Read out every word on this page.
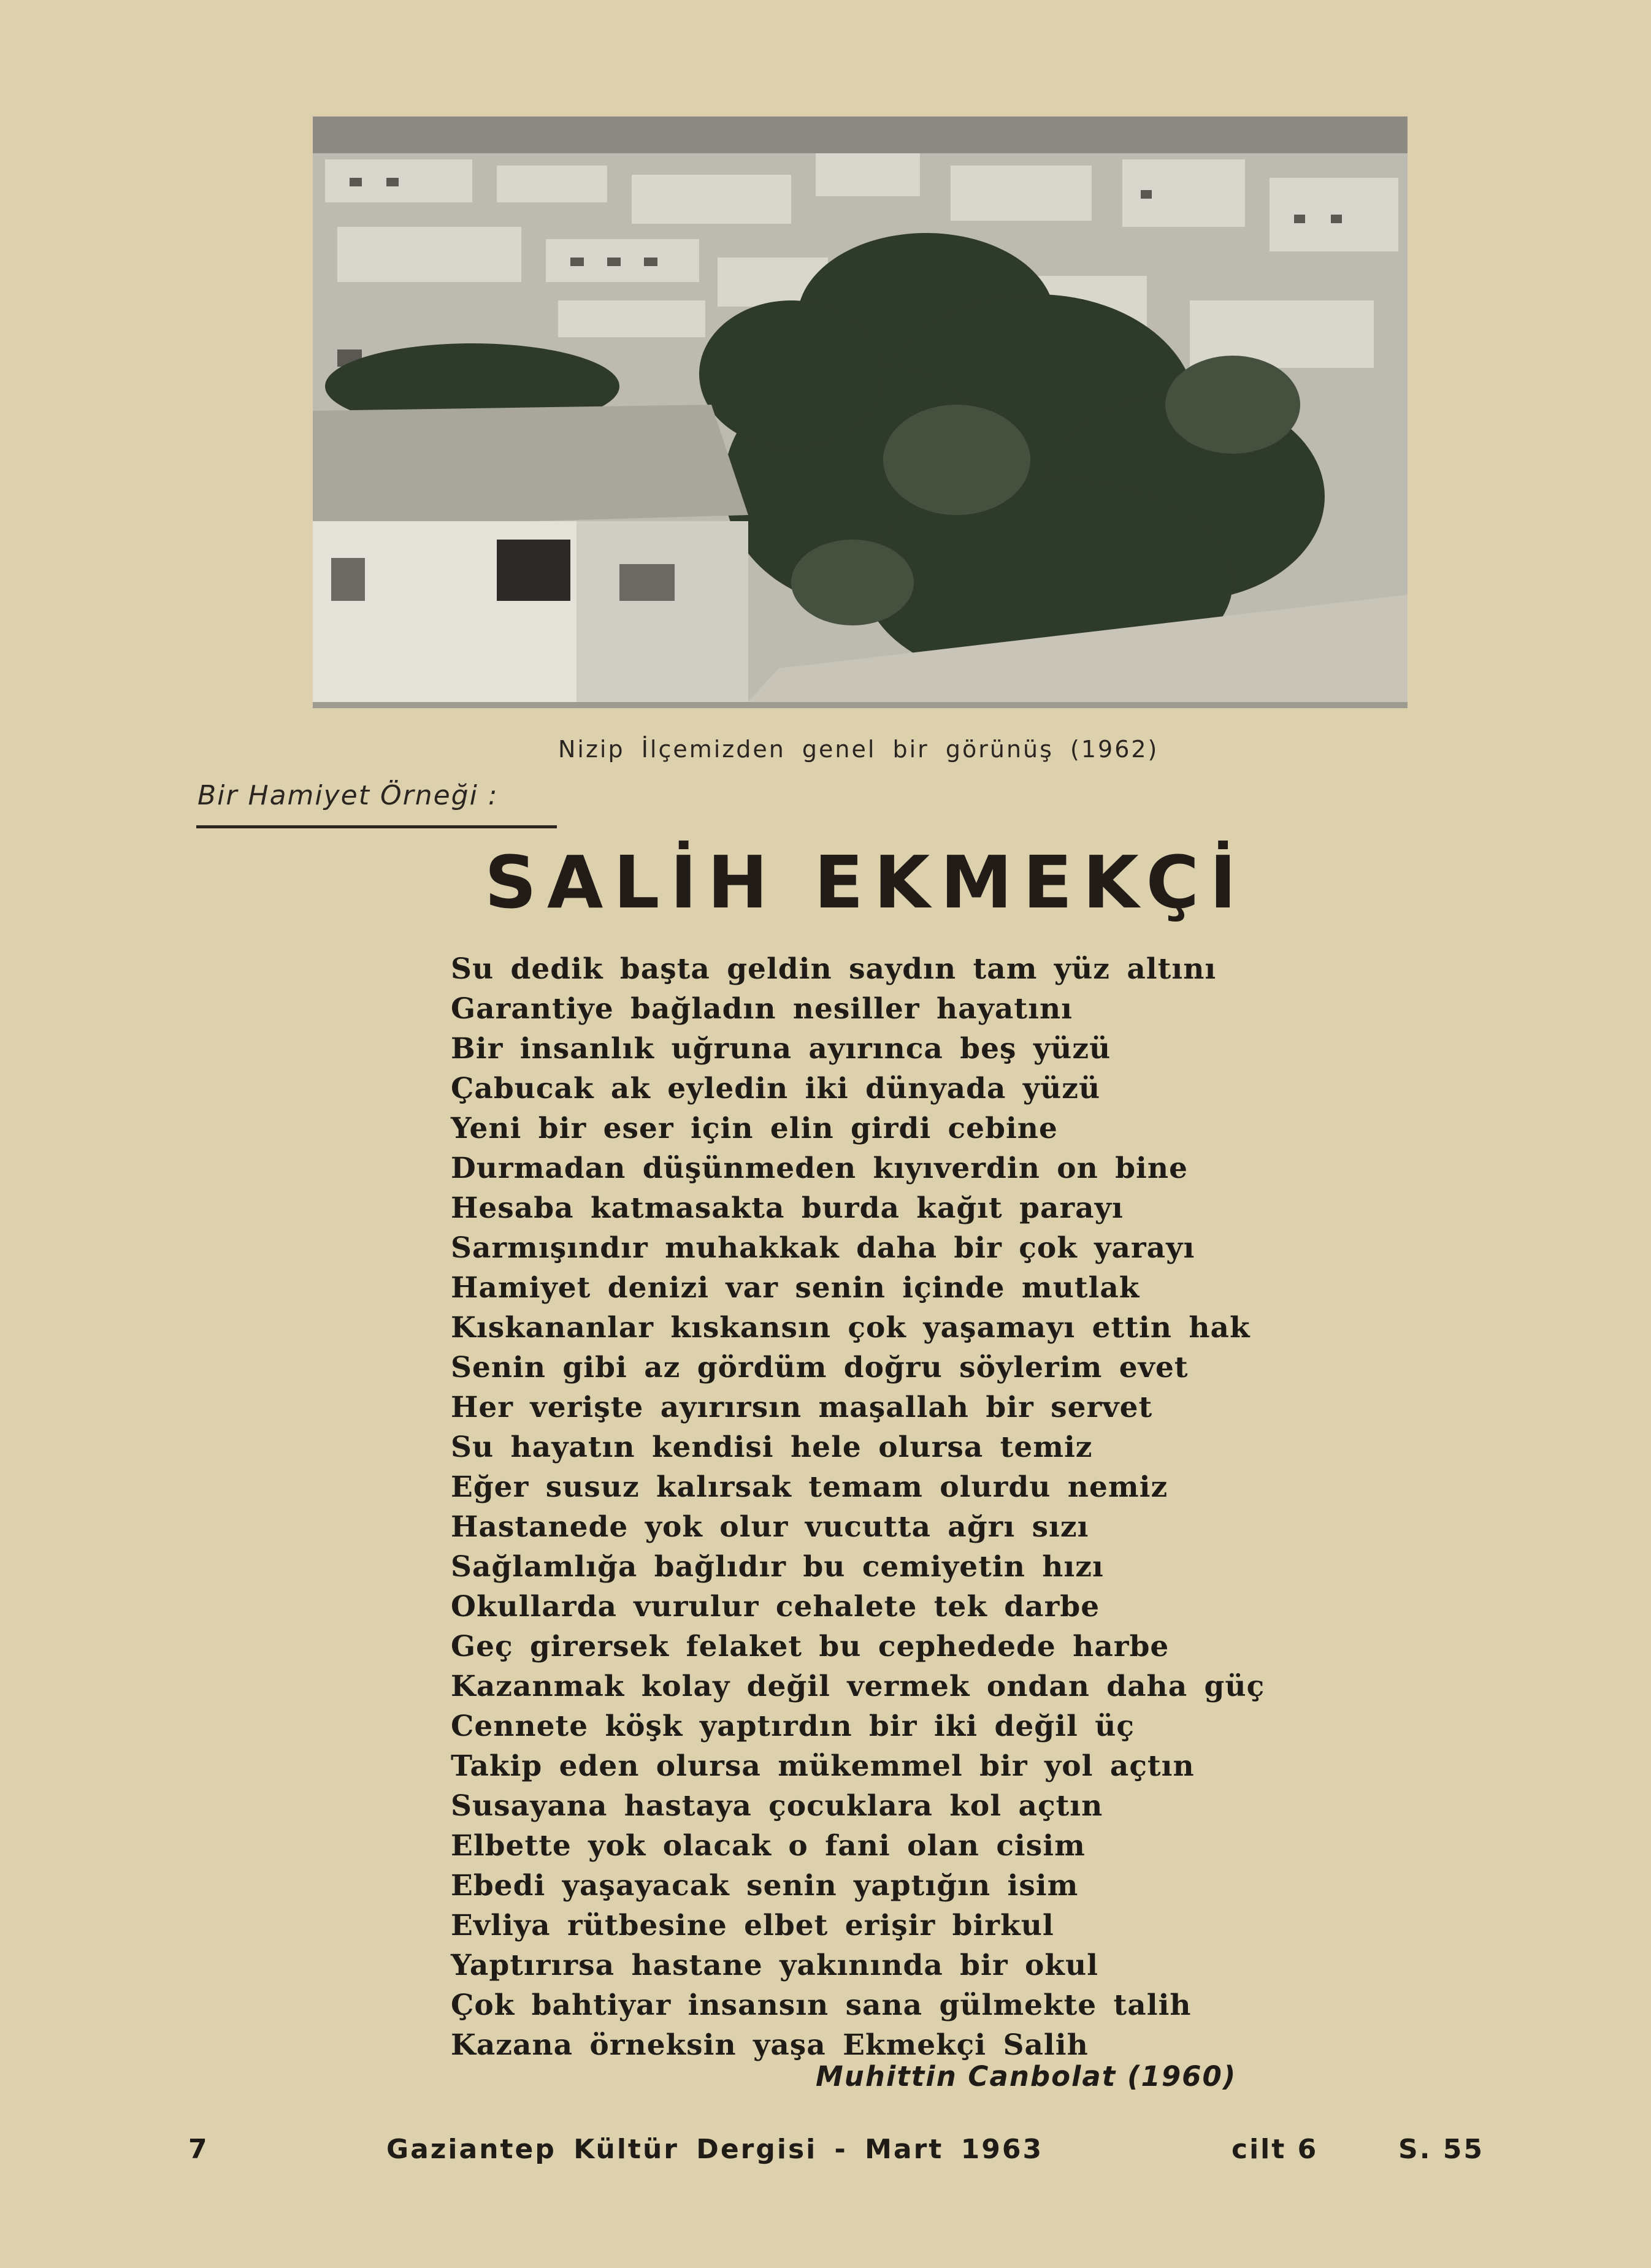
Nizip İlçemizden genel bir görünüş (1962)
Bir Hamiyet Örneği :
SALİH EKMEKÇİ
Su dedik başta geldin saydın tam yüz altını
Garantiye bağladın nesiller hayatını
Bir insanlık uğruna ayırınca beş yüzü
Çabucak ak eyledin iki dünyada yüzü
Yeni bir eser için elin girdi cebine
Durmadan düşünmeden kıyıverdin on bine
Hesaba katmasakta burda kağıt parayı
Sarmışındır muhakkak daha bir çok yarayı
Hamiyet denizi var senin içinde mutlak
Kıskananlar kıskansın çok yaşamayı ettin hak
Senin gibi az gördüm doğru söylerim evet
Her verişte ayırırsın maşallah bir servet
Su hayatın kendisi hele olursa temiz
Eğer susuz kalırsak temam olurdu nemiz
Hastanede yok olur vucutta ağrı sızı
Sağlamlığa bağlıdır bu cemiyetin hızı
Okullarda vurulur cehalete tek darbe
Geç girersek felaket bu cephedede harbe
Kazanmak kolay değil vermek ondan daha güç
Cennete köşk yaptırdın bir iki değil üç
Takip eden olursa mükemmel bir yol açtın
Susayana hastaya çocuklara kol açtın
Elbette yok olacak o fani olan cisim
Ebedi yaşayacak senin yaptığın isim
Evliya rütbesine elbet erişir birkul
Yaptırırsa hastane yakınında bir okul
Çok bahtiyar insansın sana gülmekte talih
Kazana örneksin yaşa Ekmekçi Salih
Muhittin Canbolat (1960)
7	Gaziantep Kültür Dergisi - Mart 1963	cilt 6	S. 55
